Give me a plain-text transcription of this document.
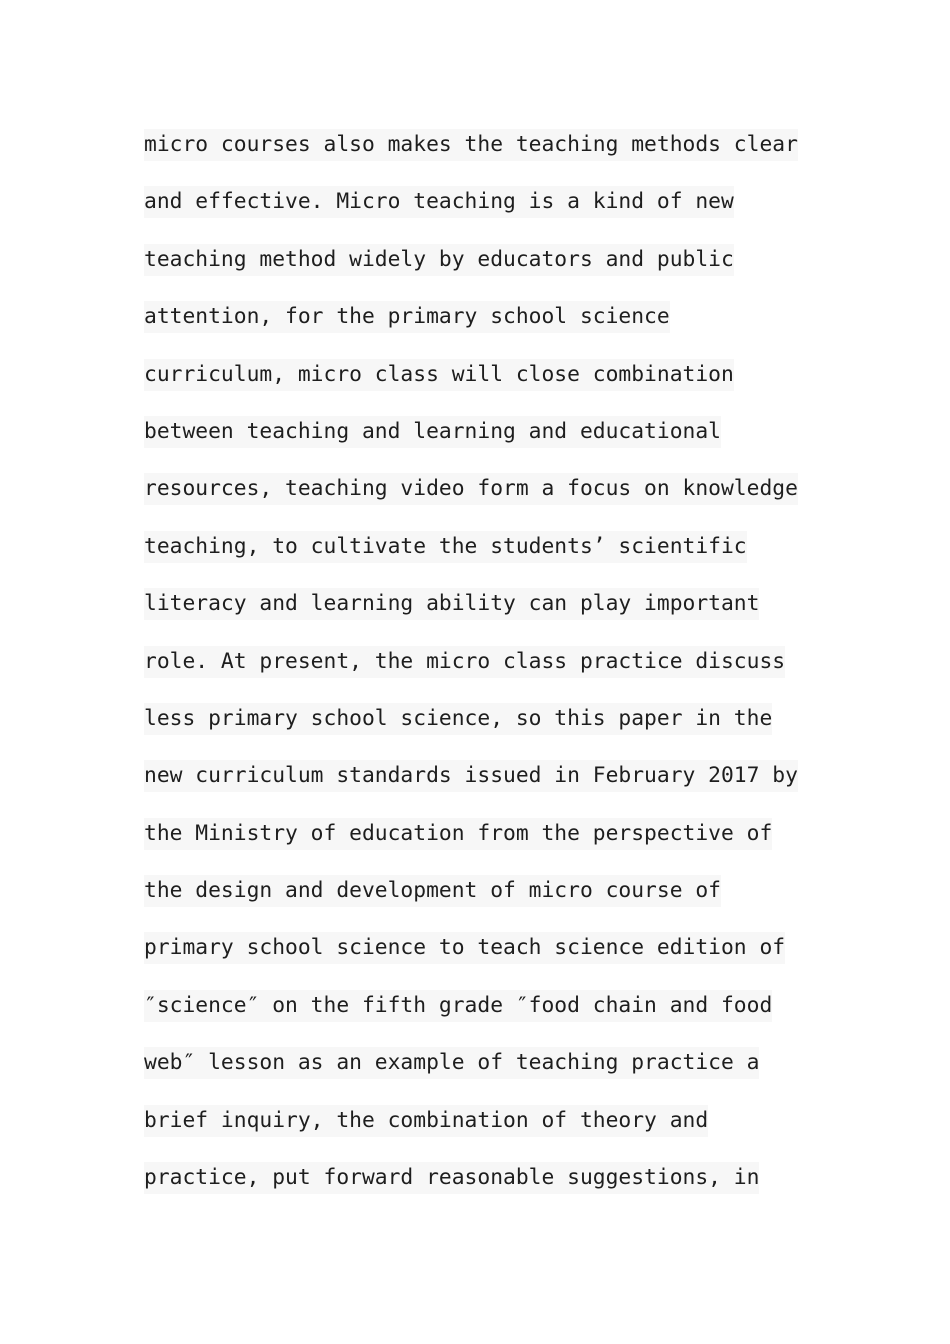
micro courses also makes the teaching methods clear
and effective. Micro teaching is a kind of new
teaching method widely by educators and public
attention, for the primary school science
curriculum, micro class will close combination
between teaching and learning and educational
resources, teaching video form a focus on knowledge
teaching, to cultivate the students’ scientific
literacy and learning ability can play important
role. At present, the micro class practice discuss
less primary school science, so this paper in the
new curriculum standards issued in February 2017 by
the Ministry of education from the perspective of
the design and development of micro course of
primary school science to teach science edition of
″science″ on the fifth grade ″food chain and food
web″ lesson as an example of teaching practice a
brief inquiry, the combination of theory and
practice, put forward reasonable suggestions, in
